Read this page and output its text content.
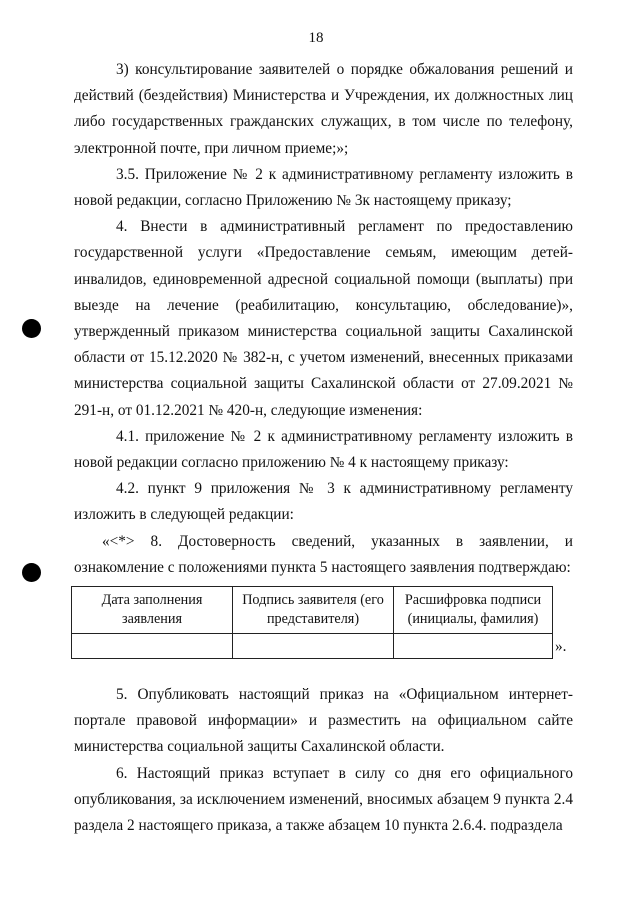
18

3) консультирование заявителей о порядке обжалования решений и действий (бездействия) Министерства и Учреждения, их должностных лиц либо государственных гражданских служащих, в том числе по телефону, электронной почте, при личном приеме;»;

3.5. Приложение № 2 к административному регламенту изложить в новой редакции, согласно Приложению № 3к настоящему приказу;

4. Внести в административный регламент по предоставлению государственной услуги «Предоставление семьям, имеющим детей-инвалидов, единовременной адресной социальной помощи (выплаты) при выезде на лечение (реабилитацию, консультацию, обследование)», утвержденный приказом министерства социальной защиты Сахалинской области от 15.12.2020 № 382-н, с учетом изменений, внесенных приказами министерства социальной защиты Сахалинской области от 27.09.2021 № 291-н, от 01.12.2021 № 420-н, следующие изменения:

4.1. приложение № 2 к административному регламенту изложить в новой редакции согласно приложению № 4 к настоящему приказу:

4.2. пункт 9 приложения № 3 к административному регламенту изложить в следующей редакции:

«<*> 8. Достоверность сведений, указанных в заявлении, и ознакомление с положениями пункта 5 настоящего заявления подтверждаю:

Дата заполнения заявления	Подпись заявителя (его представителя)	Расшифровка подписи (инициалы, фамилия)

».

5. Опубликовать настоящий приказ на «Официальном интернет-портале правовой информации» и разместить на официальном сайте министерства социальной защиты Сахалинской области.

6. Настоящий приказ вступает в силу со дня его официального опубликования, за исключением изменений, вносимых абзацем 9 пункта 2.4 раздела 2 настоящего приказа, а также абзацем 10 пункта 2.6.4. подраздела
